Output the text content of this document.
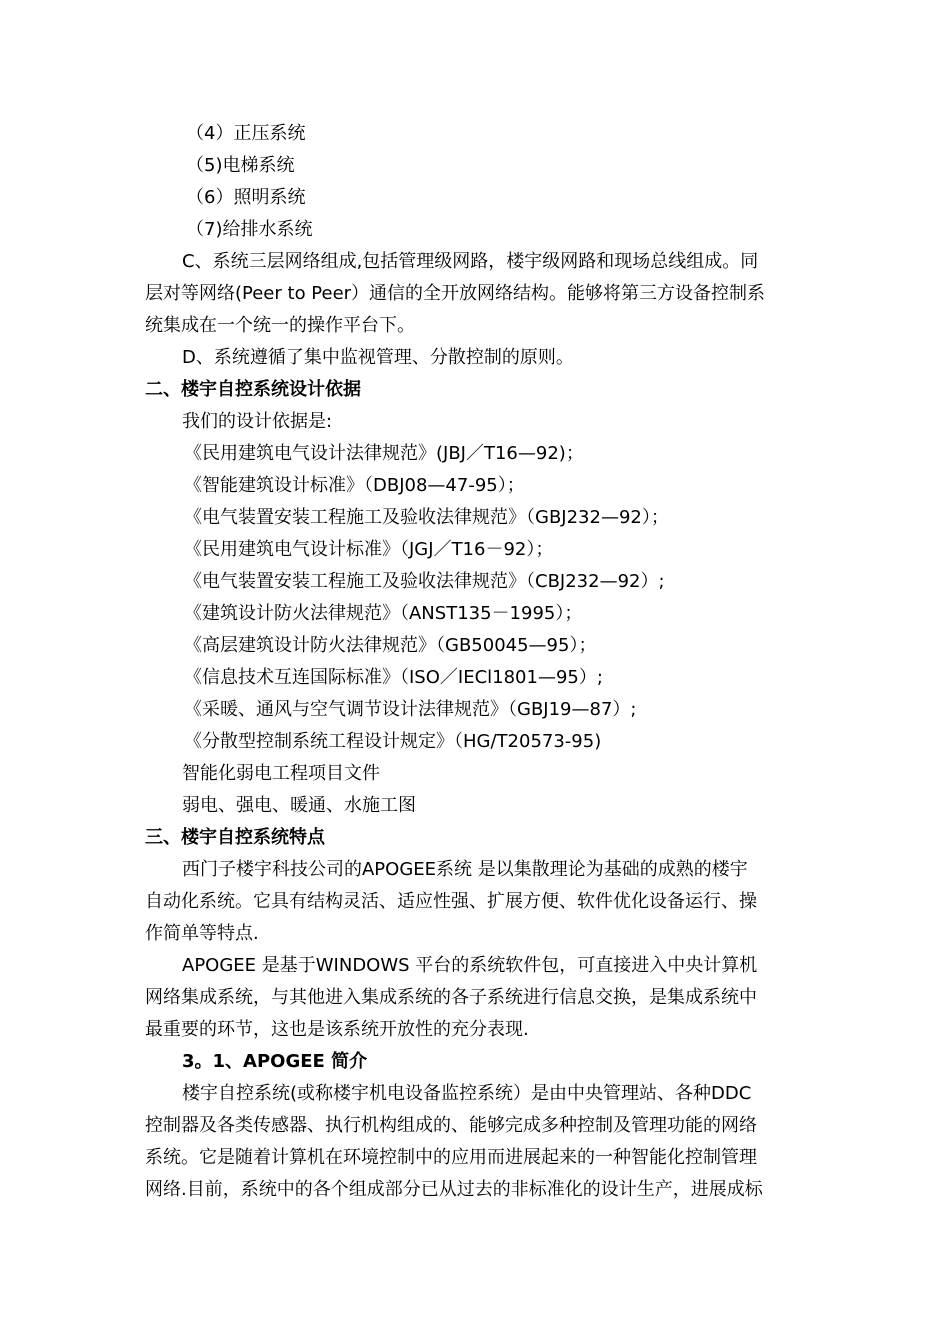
（4）正压系统
（5)电梯系统
（6）照明系统
（7)给排水系统
C、系统三层网络组成,包括管理级网路，楼宇级网路和现场总线组成。同
层对等网络(Peer to Peer）通信的全开放网络结构。能够将第三方设备控制系
统集成在一个统一的操作平台下。
D、系统遵循了集中监视管理、分散控制的原则。
二、楼宇自控系统设计依据
我们的设计依据是:
《民用建筑电气设计法律规范》(JBJ／T16—92)；
《智能建筑设计标准》（DBJ08—47-95）；
《电气装置安装工程施工及验收法律规范》（GBJ232—92）；
《民用建筑电气设计标准》（JGJ／T16－92）；
《电气装置安装工程施工及验收法律规范》（CBJ232—92）;
《建筑设计防火法律规范》（ANST135－1995）；
《高层建筑设计防火法律规范》（GB50045—95）；
《信息技术互连国际标准》（ISO／IECl1801—95）;
《采暖、通风与空气调节设计法律规范》（GBJ19—87）;
《分散型控制系统工程设计规定》（HG/T20573-95)
智能化弱电工程项目文件
弱电、强电、暖通、水施工图
三、楼宇自控系统特点
西门子楼宇科技公司的APOGEE系统 是以集散理论为基础的成熟的楼宇
自动化系统。它具有结构灵活、适应性强、扩展方便、软件优化设备运行、操
作简单等特点.
APOGEE 是基于WINDOWS 平台的系统软件包，可直接进入中央计算机
网络集成系统，与其他进入集成系统的各子系统进行信息交换，是集成系统中
最重要的环节，这也是该系统开放性的充分表现.
3。1、APOGEE 简介
楼宇自控系统(或称楼宇机电设备监控系统）是由中央管理站、各种DDC
控制器及各类传感器、执行机构组成的、能够完成多种控制及管理功能的网络
系统。它是随着计算机在环境控制中的应用而进展起来的一种智能化控制管理
网络.目前，系统中的各个组成部分已从过去的非标准化的设计生产，进展成标
